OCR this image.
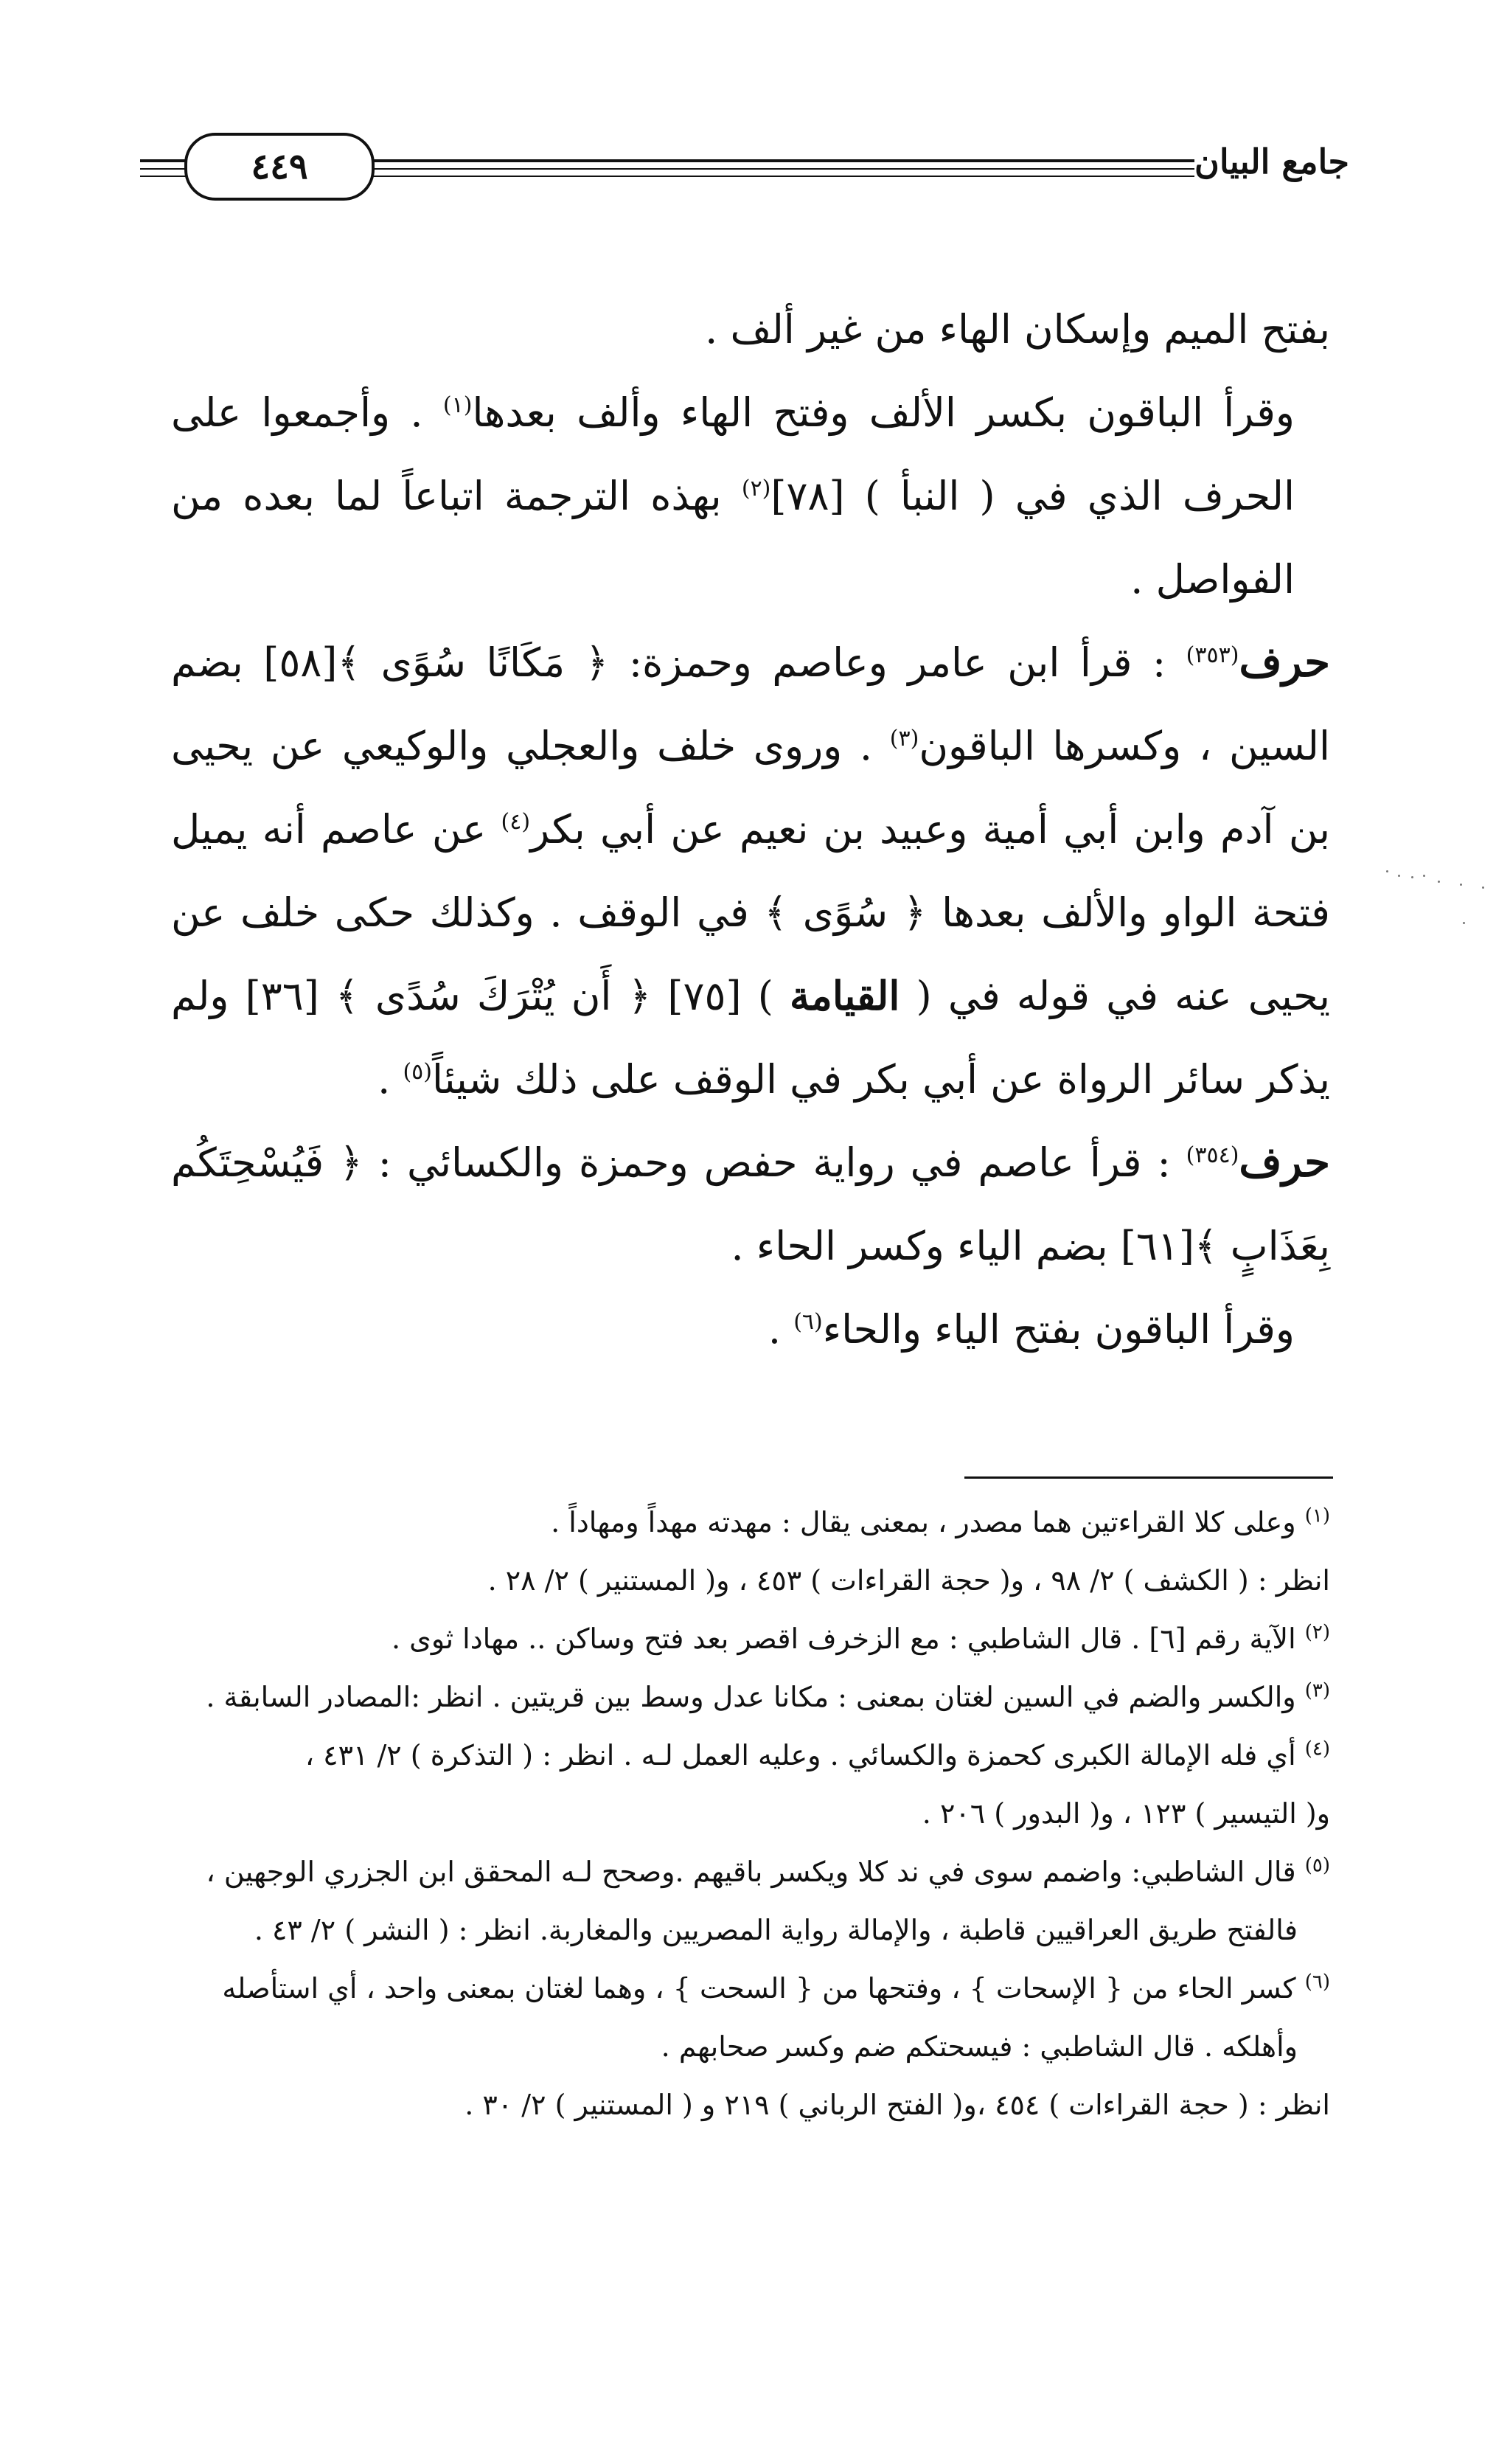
٤٤٩	جامع البيان

بفتح الميم وإسكان الهاء من غير ألف .

وقرأ الباقون بكسر الألف وفتح الهاء وألف بعدها$^{(١)}$ . وأجمعوا على الحرف الذي في ( النبأ ) [٧٨]$^{(٢)}$ بهذه الترجمة اتباعاً لما بعده من الفواصل .

حرف$^{(٣٥٣)}$ : قرأ ابن عامر وعاصم وحمزة: ﴿ مَكَانًا سُوًى ﴾[٥٨] بضم السين ، وكسرها الباقون$^{(٣)}$ . وروى خلف والعجلي والوكيعي عن يحيى بن آدم وابن أبي أمية وعبيد بن نعيم عن أبي بكر$^{(٤)}$ عن عاصم أنه يميل فتحة الواو والألف بعدها ﴿ سُوًى ﴾ في الوقف . وكذلك حكى خلف عن يحيى عنه في قوله في ( القيامة ) [٧٥] ﴿ أَن يُتْرَكَ سُدًى ﴾ [٣٦] ولم يذكر سائر الرواة عن أبي بكر في الوقف على ذلك شيئاً$^{(٥)}$ .

حرف$^{(٣٥٤)}$ : قرأ عاصم في رواية حفص وحمزة والكسائي : ﴿ فَيُسْحِتَكُم بِعَذَابٍ ﴾[٦١] بضم الياء وكسر الحاء .

وقرأ الباقون بفتح الياء والحاء$^{(٦)}$ .

$^{(١)}$ وعلى كلا القراءتين هما مصدر ، بمعنى يقال : مهدته مهداً ومهاداً .

انظر : ( الكشف ) ٢/ ٩٨ ، و( حجة القراءات ) ٤٥٣ ، و( المستنير ) ٢/ ٢٨ .

$^{(٢)}$ الآية رقم [٦] . قال الشاطبي : مع الزخرف اقصر بعد فتح وساكن .. مهادا ثوى .

$^{(٣)}$ والكسر والضم في السين لغتان بمعنى : مكانا عدل وسط بين قريتين . انظر :المصادر السابقة .

$^{(٤)}$ أي فله الإمالة الكبرى كحمزة والكسائي . وعليه العمل لـه . انظر : ( التذكرة ) ٢/ ٤٣١ ،

و( التيسير ) ١٢٣ ، و( البدور ) ٢٠٦ .

$^{(٥)}$ قال الشاطبي: واضمم سوى في ند كلا ويكسر باقيهم .وصحح لـه المحقق ابن الجزري الوجهين ،

فالفتح طريق العراقيين قاطبة ، والإمالة رواية المصريين والمغاربة. انظر : ( النشر ) ٢/ ٤٣ .

$^{(٦)}$ كسر الحاء من { الإسحات } ، وفتحها من { السحت } ، وهما لغتان بمعنى واحد ، أي استأصله

وأهلكه . قال الشاطبي : فيسحتكم ضم وكسر صحابهم .

انظر : ( حجة القراءات ) ٤٥٤ ،و( الفتح الرباني ) ٢١٩ و ( المستنير ) ٢/ ٣٠ .
